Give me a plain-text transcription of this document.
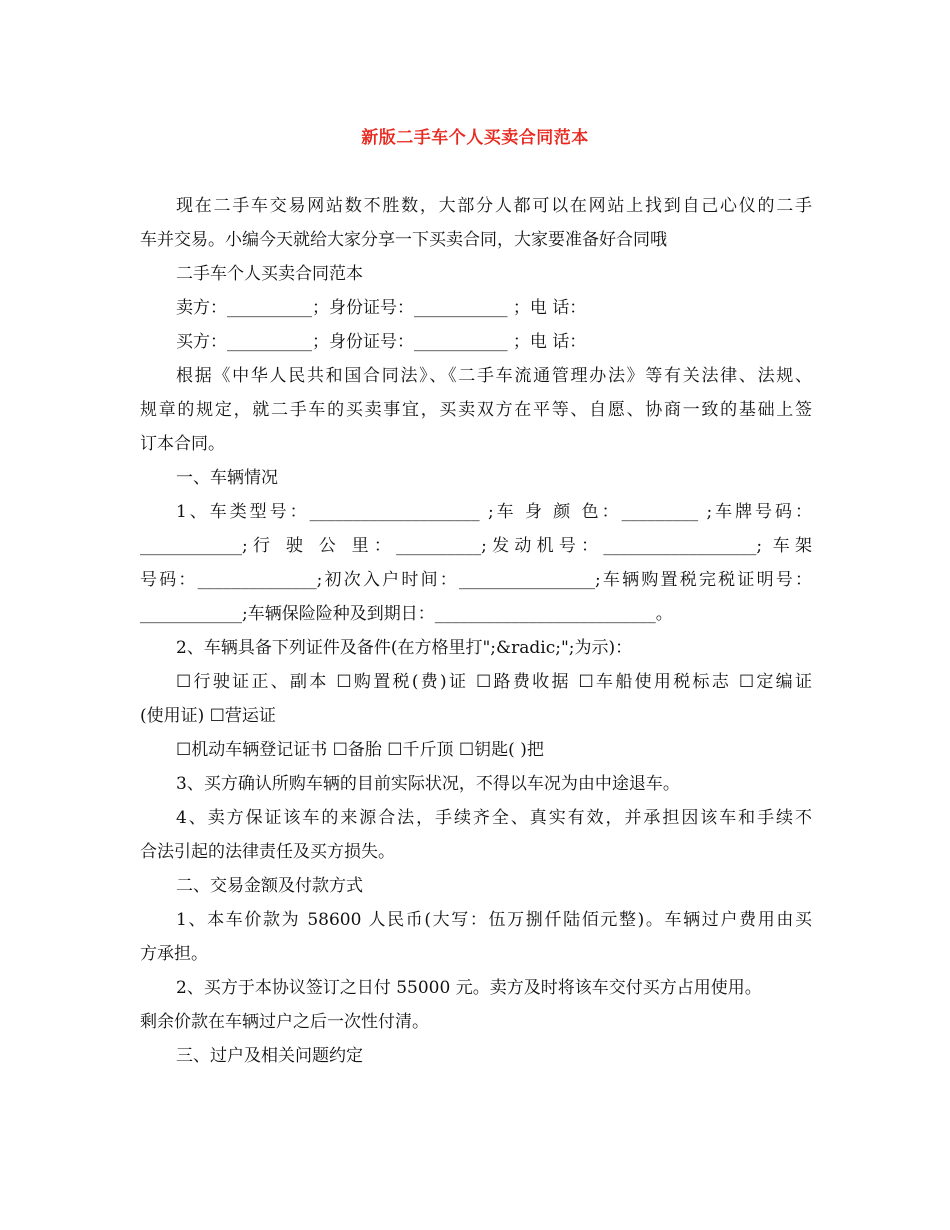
新版二手车个人买卖合同范本
现在二手车交易网站数不胜数，大部分人都可以在网站上找到自己心仪的二手
车并交易。小编今天就给大家分享一下买卖合同，大家要准备好合同哦
二手车个人买卖合同范本
卖方：__________；身份证号：___________ ；电 话：
买方：__________；身份证号：___________ ；电 话：
根据《中华人民共和国合同法》、《二手车流通管理办法》等有关法律、法规、
规章的规定，就二手车的买卖事宜，买卖双方在平等、自愿、协商一致的基础上签
订本合同。
一、车辆情况
1、车类型号：____________________ ;车 身 颜 色：_________ ;车牌号码：
____________;行 驶 公 里：__________;发动机号：__________________; 车架
号码：______________;初次入户时间：________________;车辆购置税完税证明号：
____________;车辆保险险种及到期日：__________________________。
2、车辆具备下列证件及备件(在方格里打";&radic;";为示)：
☐行驶证正、副本 ☐购置税(费)证 ☐路费收据 ☐车船使用税标志 ☐定编证
(使用证) ☐营运证
☐机动车辆登记证书 ☐备胎 ☐千斤顶 ☐钥匙( )把
3、买方确认所购车辆的目前实际状况，不得以车况为由中途退车。
4、卖方保证该车的来源合法，手续齐全、真实有效，并承担因该车和手续不
合法引起的法律责任及买方损失。
二、交易金额及付款方式
1、本车价款为 58600 人民币(大写：伍万捌仟陆佰元整)。车辆过户费用由买
方承担。
2、买方于本协议签订之日付 55000 元。卖方及时将该车交付买方占用使用。
剩余价款在车辆过户之后一次性付清。
三、过户及相关问题约定
